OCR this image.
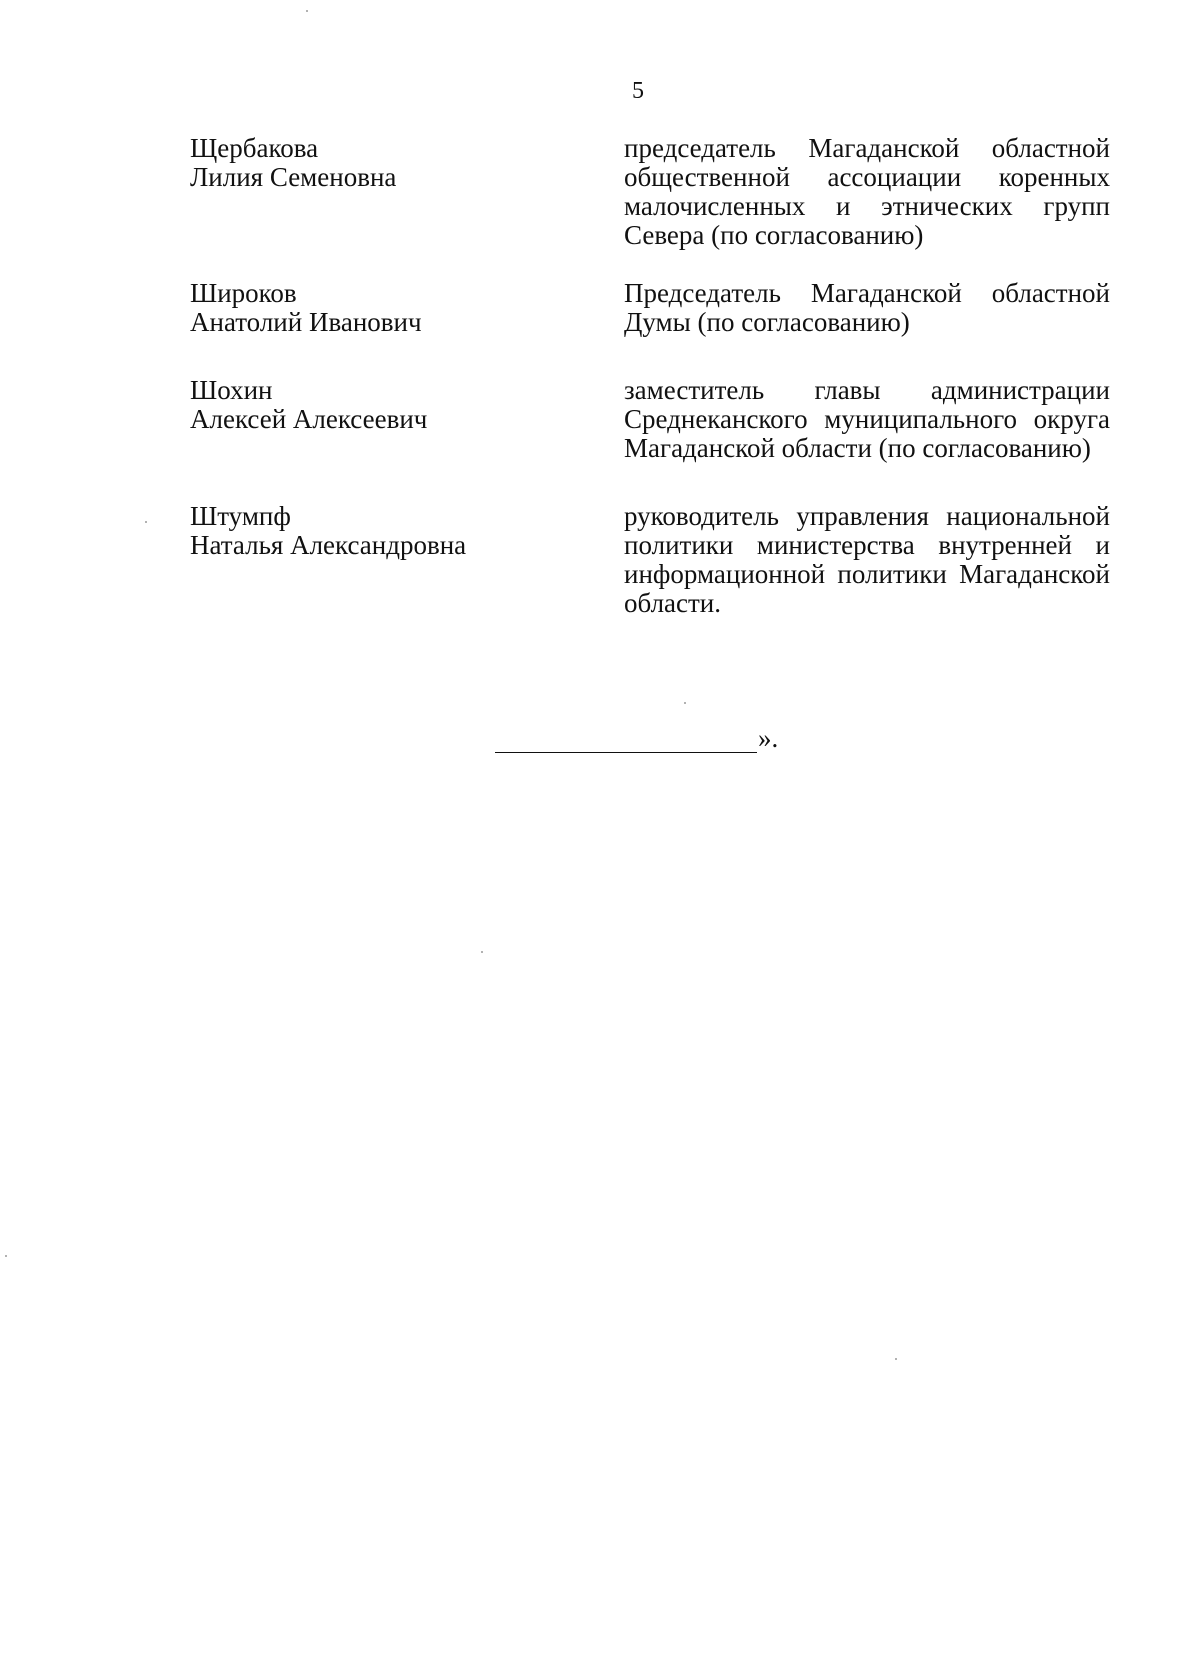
5
Щербакова
Лилия Семеновна
председатель Магаданской областной общественной ассоциации коренных малочисленных и этнических групп Севера (по согласованию)
Широков
Анатолий Иванович
Председатель Магаданской областной Думы (по согласованию)
Шохин
Алексей Алексеевич
заместитель главы администрации Среднеканского муниципального округа Магаданской области (по согласованию)
Штумпф
Наталья Александровна
руководитель управления национальной политики министерства внутренней и информационной политики Магаданской области.
».
